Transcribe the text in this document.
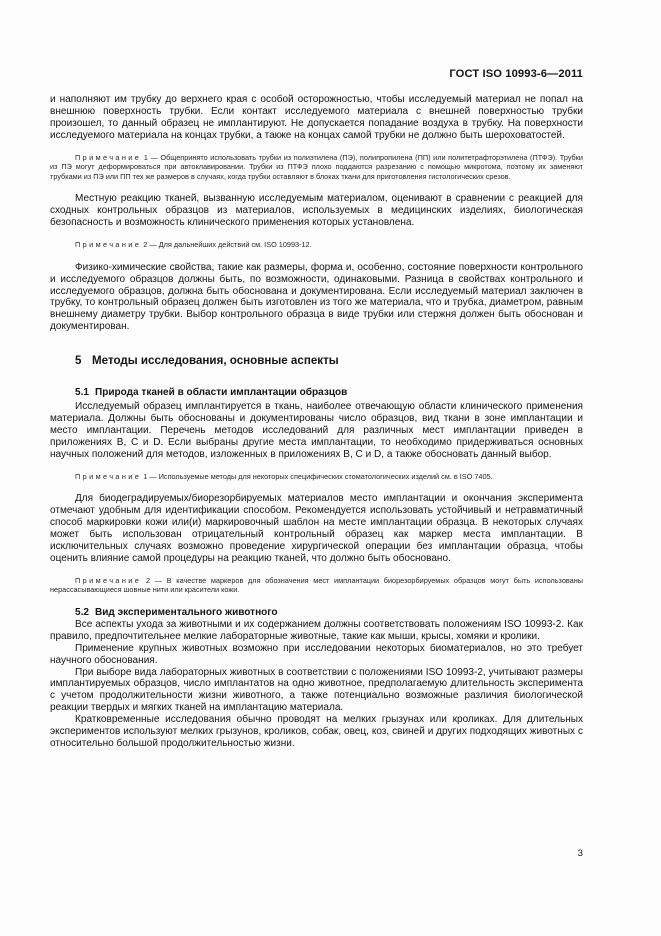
ГОСТ ISO 10993-6—2011

и наполняют им трубку до верхнего края с особой осторожностью, чтобы исследуемый материал не попал на внешнюю поверхность трубки. Если контакт исследуемого материала с внешней поверхностью трубки произошел, то данный образец не имплантируют. Не допускается попадание воздуха в трубку. На поверхности исследуемого материала на концах трубки, а также на концах самой трубки не должно быть шероховатостей.

Примечание 1 — Общепринято использовать трубки из полиэтилена (ПЭ), полипропилена (ПП) или политетрафторэтилена (ПТФЭ). Трубки из ПЭ могут деформироваться при автоклавировании. Трубки из ПТФЭ плохо поддаются разрезанию с помощью микротома, поэтому их заменяют трубками из ПЭ или ПП тех же размеров в случаях, когда трубки оставляют в блоках ткани для приготовления гистологических срезов.

Местную реакцию тканей, вызванную исследуемым материалом, оценивают в сравнении с реакцией для сходных контрольных образцов из материалов, используемых в медицинских изделиях, биологическая безопасность и возможность клинического применения которых установлена.

Примечание 2 — Для дальнейших действий см. ISO 10993-12.

Физико-химические свойства, такие как размеры, форма и, особенно, состояние поверхности контрольного и исследуемого образцов должны быть, по возможности, одинаковыми. Разница в свойствах контрольного и исследуемого образцов, должна быть обоснована и документирована. Если исследуемый материал заключен в трубку, то контрольный образец должен быть изготовлен из того же материала, что и трубка, диаметром, равным внешнему диаметру трубки. Выбор контрольного образца в виде трубки или стержня должен быть обоснован и документирован.

5 Методы исследования, основные аспекты
5.1 Природа тканей в области имплантации образцов

Исследуемый образец имплантируется в ткань, наиболее отвечающую области клинического применения материала. Должны быть обоснованы и документированы число образцов, вид ткани в зоне имплантации и место имплантации. Перечень методов исследований для различных мест имплантации приведен в приложениях В, С и D. Если выбраны другие места имплантации, то необходимо придерживаться основных научных положений для методов, изложенных в приложениях В, С и D, а также обосновать данный выбор.

Примечание 1 — Используемые методы для некоторых специфических стоматологических изделий см. в ISO 7405.

Для биодеградируемых/биорезорбируемых материалов место имплантации и окончания эксперимента отмечают удобным для идентификации способом. Рекомендуется использовать устойчивый и нетравматичный способ маркировки кожи или(и) маркировочный шаблон на месте имплантации образца. В некоторых случаях может быть использован отрицательный контрольный образец как маркер места имплантации. В исключительных случаях возможно проведение хирургической операции без имплантации образца, чтобы оценить влияние самой процедуры на реакцию тканей, что должно быть обосновано.

Примечание 2 — В качестве маркеров для обозначения мест имплантации биорезорбируемых образцов могут быть использованы нерассасывающиеся шовные нити или красители кожи.

5.2 Вид экспериментального животного

Все аспекты ухода за животными и их содержанием должны соответствовать положениям ISO 10993-2. Как правило, предпочтительнее мелкие лабораторные животные, такие как мыши, крысы, хомяки и кролики.

Применение крупных животных возможно при исследовании некоторых биоматериалов, но это требует научного обоснования.

При выборе вида лабораторных животных в соответствии с положениями ISO 10993-2, учитывают размеры имплантируемых образцов, число имплантатов на одно животное, предполагаемую длительность эксперимента с учетом продолжительности жизни животного, а также потенциально возможные различия биологической реакции твердых и мягких тканей на имплантацию материала.

Кратковременные исследования обычно проводят на мелких грызунах или кроликах. Для длительных экспериментов используют мелких грызунов, кроликов, собак, овец, коз, свиней и других подходящих животных с относительно большой продолжительностью жизни.

3
